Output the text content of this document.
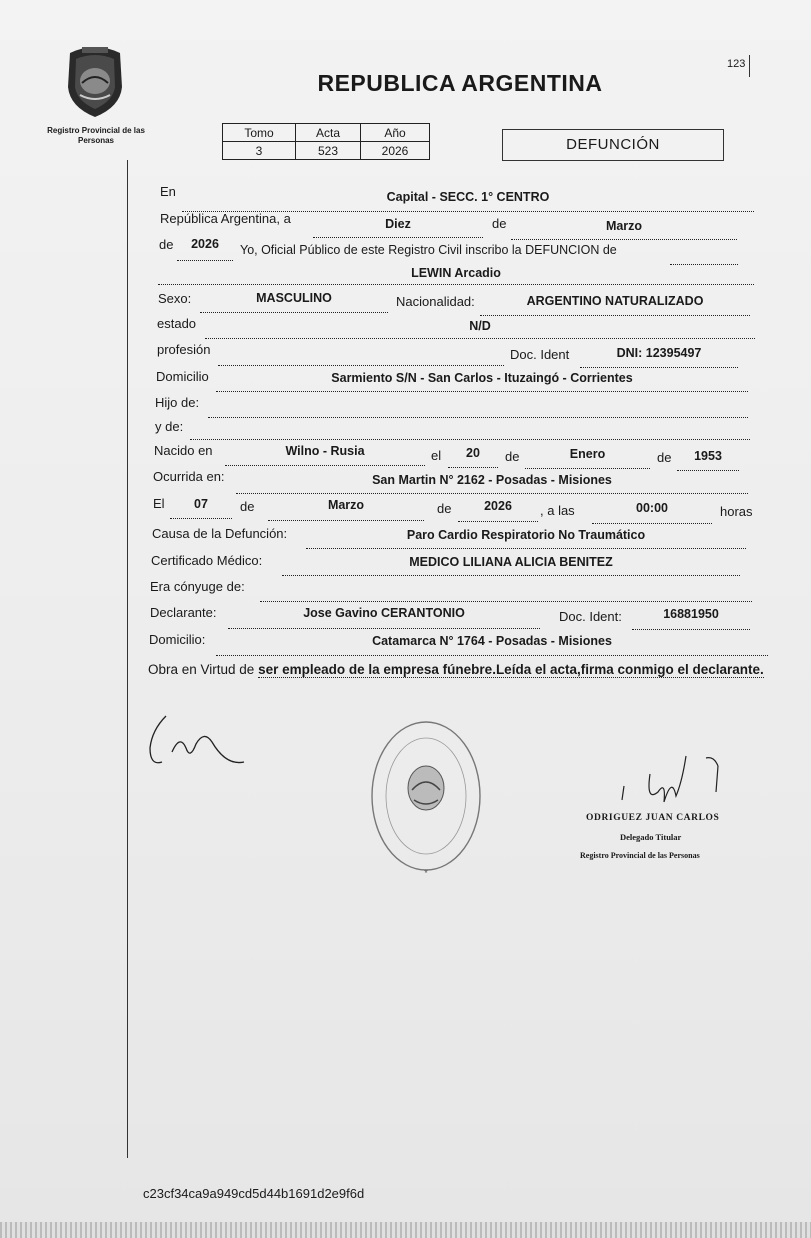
123
Registro Provincial de las Personas
REPUBLICA ARGENTINA
Tomo	Acta	Año
3	523	2026	DEFUNCIÓN
En	Capital - SECC. 1° CENTRO
República Argentina, a	Diez	de	Marzo
de	2026	Yo, Oficial Público de este Registro Civil inscribo la DEFUNCION de
LEWIN Arcadio
Sexo:	MASCULINO	Nacionalidad:	ARGENTINO NATURALIZADO
estado	N/D
profesión	Doc. Ident	DNI: 12395497
Domicilio	Sarmiento S/N - San Carlos - Ituzaingó - Corrientes
Hijo de:
y de:
Nacido en	Wilno - Rusia	el	20	de	Enero	de	1953
Ocurrida en:	San Martin N° 2162 - Posadas - Misiones
El	07	de	Marzo	de	2026	, a las	00:00	horas
Causa de la Defunción:	Paro Cardio Respiratorio No Traumático
Certificado Médico:	MEDICO LILIANA ALICIA BENITEZ
Era cónyuge de:
Declarante:	Jose Gavino CERANTONIO	Doc. Ident:	16881950
Domicilio:	Catamarca N° 1764 - Posadas - Misiones
Obra en Virtud de ser empleado de la empresa fúnebre.Leída el acta,firma conmigo el declarante.
*
ODRIGUEZ JUAN CARLOS
Delegado Titular
Registro Provincial de las Personas
c23cf34ca9a949cd5d44b1691d2e9f6d
